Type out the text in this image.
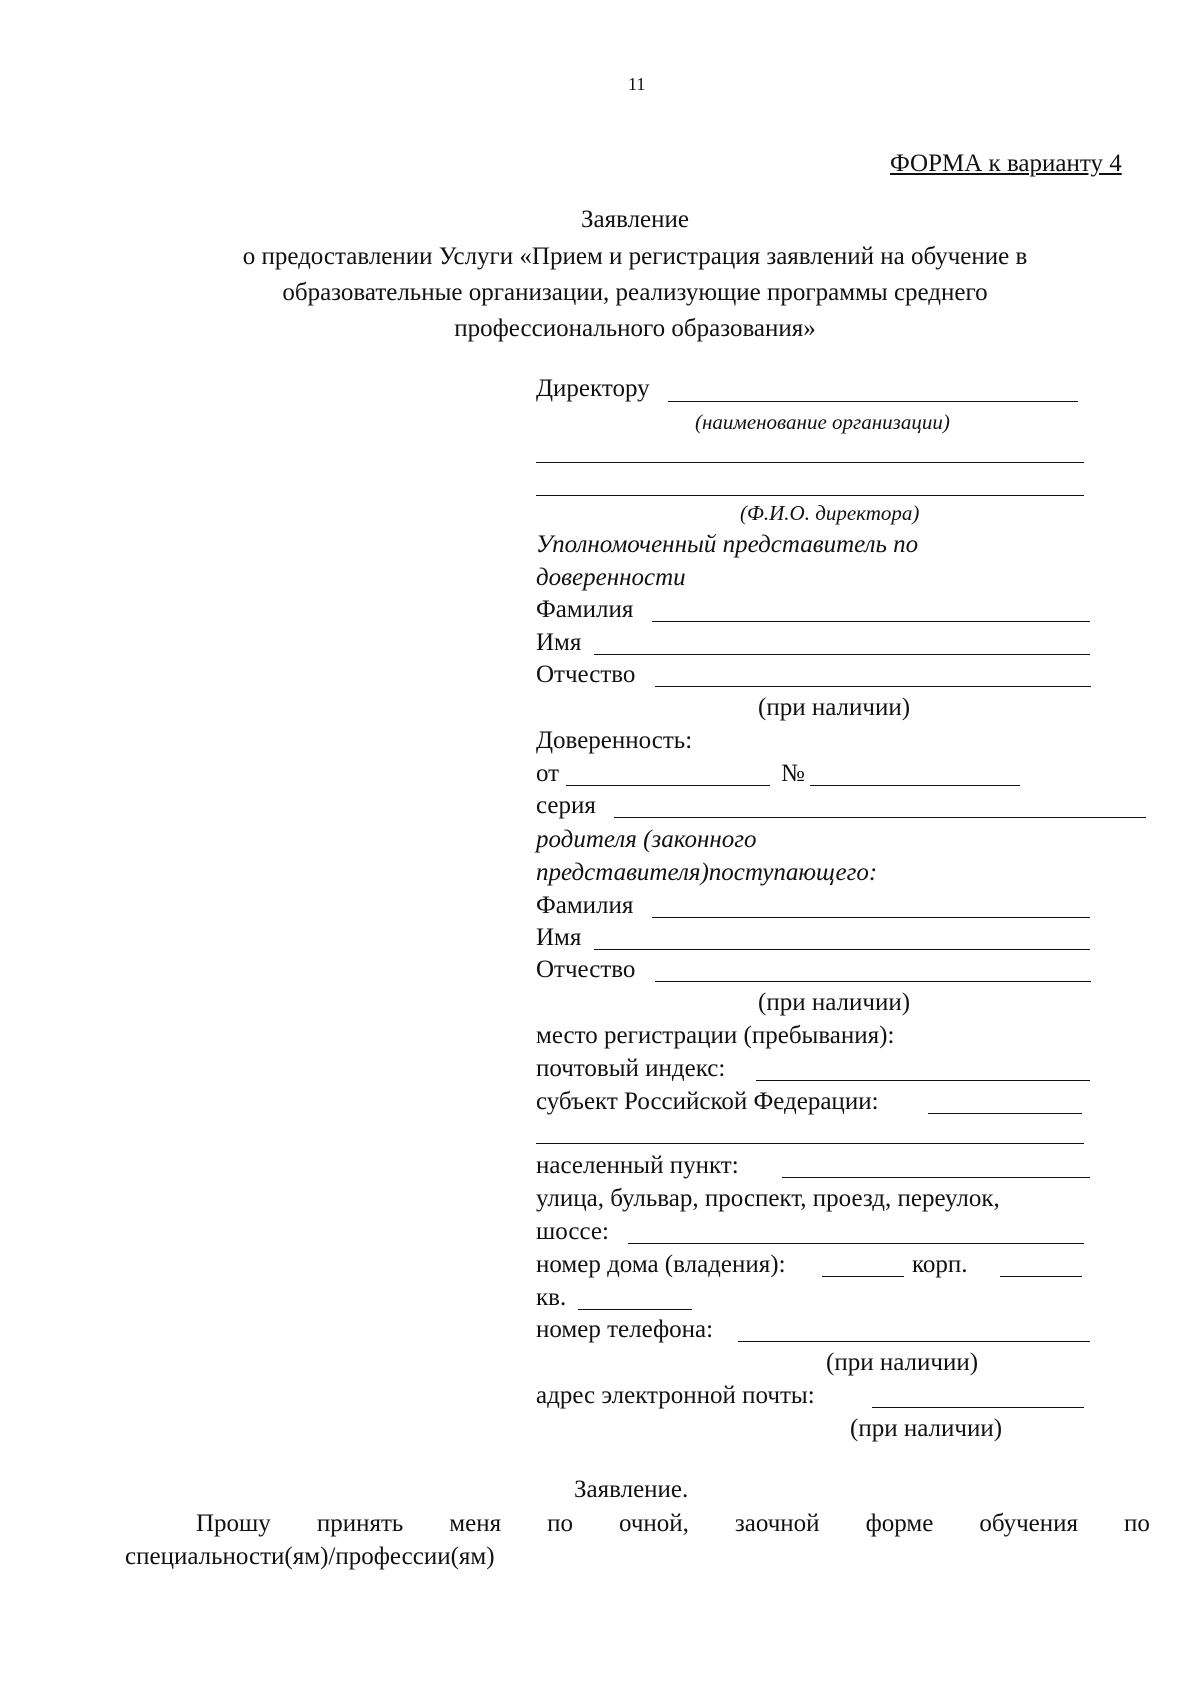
11
ФОРМА к варианту 4
Заявление
о предоставлении Услуги «Прием и регистрация заявлений на обучение в
образовательные организации, реализующие программы среднего
профессионального образования»
Директору
(наименование организации)
(Ф.И.О. директора)
Уполномоченный представитель по
доверенности
Фамилия
Имя
Отчество
(при наличии)
Доверенность:
от	№
серия
родителя (законного
представителя)поступающего:
Фамилия
Имя
Отчество
(при наличии)
место регистрации (пребывания):
почтовый индекс:
субъект Российской Федерации:
населенный пункт:
улица, бульвар, проспект, проезд, переулок,
шоссе:
номер дома (владения):	корп.
кв.
номер телефона:
(при наличии)
адрес электронной почты:
(при наличии)
Заявление.
Прошу принять меня по очной, заочной форме обучения по
специальности(ям)/профессии(ям)
